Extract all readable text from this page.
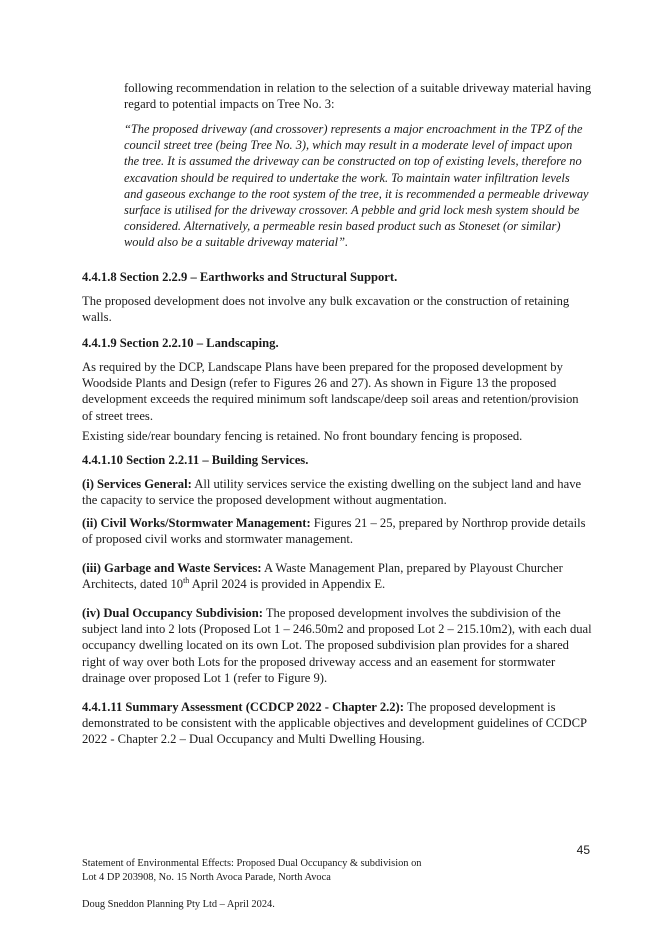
following recommendation in relation to the selection of a suitable driveway material having regard to potential impacts on Tree No. 3:

“The proposed driveway (and crossover) represents a major encroachment in the TPZ of the council street tree (being Tree No. 3), which may result in a moderate level of impact upon the tree. It is assumed the driveway can be constructed on top of existing levels, therefore no excavation should be required to undertake the work. To maintain water infiltration levels and gaseous exchange to the root system of the tree, it is recommended a permeable driveway surface is utilised for the driveway crossover. A pebble and grid lock mesh system should be considered. Alternatively, a permeable resin based product such as Stoneset (or similar) would also be a suitable driveway material”.

4.4.1.8 Section 2.2.9 – Earthworks and Structural Support.

The proposed development does not involve any bulk excavation or the construction of retaining walls.

4.4.1.9 Section 2.2.10 – Landscaping.

As required by the DCP, Landscape Plans have been prepared for the proposed development by Woodside Plants and Design (refer to Figures 26 and 27). As shown in Figure 13 the proposed development exceeds the required minimum soft landscape/deep soil areas and retention/provision of street trees.

Existing side/rear boundary fencing is retained. No front boundary fencing is proposed.

4.4.1.10 Section 2.2.11 – Building Services.

(i) Services General: All utility services service the existing dwelling on the subject land and have the capacity to service the proposed development without augmentation.

(ii) Civil Works/Stormwater Management: Figures 21 – 25, prepared by Northrop provide details of proposed civil works and stormwater management.

(iii) Garbage and Waste Services: A Waste Management Plan, prepared by Playoust Churcher Architects, dated 10th April 2024 is provided in Appendix E.

(iv) Dual Occupancy Subdivision: The proposed development involves the subdivision of the subject land into 2 lots (Proposed Lot 1 – 246.50m2 and proposed Lot 2 – 215.10m2), with each dual occupancy dwelling located on its own Lot. The proposed subdivision plan provides for a shared right of way over both Lots for the proposed driveway access and an easement for stormwater drainage over proposed Lot 1 (refer to Figure 9).

4.4.1.11 Summary Assessment (CCDCP 2022 - Chapter 2.2): The proposed development is demonstrated to be consistent with the applicable objectives and development guidelines of CCDCP 2022 - Chapter 2.2 – Dual Occupancy and Multi Dwelling Housing.

45
Statement of Environmental Effects: Proposed Dual Occupancy & subdivision on
Lot 4 DP 203908, No. 15 North Avoca Parade, North Avoca
Doug Sneddon Planning Pty Ltd – April 2024.
